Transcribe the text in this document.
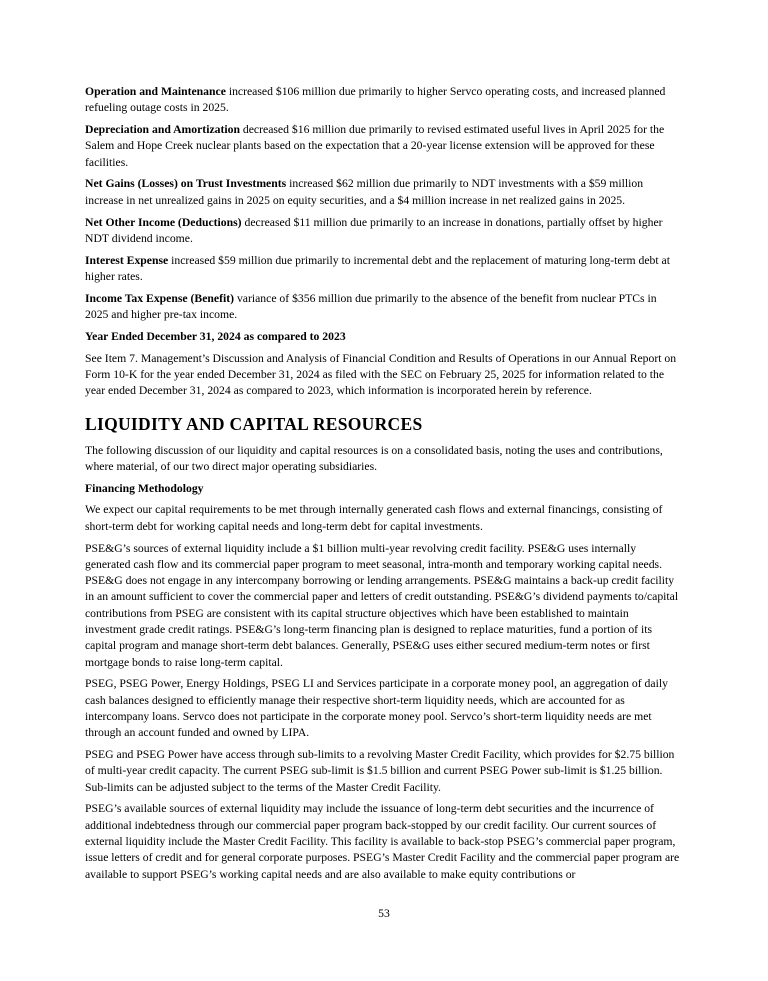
Operation and Maintenance increased $106 million due primarily to higher Servco operating costs, and increased planned refueling outage costs in 2025.

Depreciation and Amortization decreased $16 million due primarily to revised estimated useful lives in April 2025 for the Salem and Hope Creek nuclear plants based on the expectation that a 20-year license extension will be approved for these facilities.

Net Gains (Losses) on Trust Investments increased $62 million due primarily to NDT investments with a $59 million increase in net unrealized gains in 2025 on equity securities, and a $4 million increase in net realized gains in 2025.

Net Other Income (Deductions) decreased $11 million due primarily to an increase in donations, partially offset by higher NDT dividend income.

Interest Expense increased $59 million due primarily to incremental debt and the replacement of maturing long-term debt at higher rates.

Income Tax Expense (Benefit) variance of $356 million due primarily to the absence of the benefit from nuclear PTCs in 2025 and higher pre-tax income.

Year Ended December 31, 2024 as compared to 2023

See Item 7. Management’s Discussion and Analysis of Financial Condition and Results of Operations in our Annual Report on Form 10-K for the year ended December 31, 2024 as filed with the SEC on February 25, 2025 for information related to the year ended December 31, 2024 as compared to 2023, which information is incorporated herein by reference.

LIQUIDITY AND CAPITAL RESOURCES

The following discussion of our liquidity and capital resources is on a consolidated basis, noting the uses and contributions, where material, of our two direct major operating subsidiaries.

Financing Methodology

We expect our capital requirements to be met through internally generated cash flows and external financings, consisting of short-term debt for working capital needs and long-term debt for capital investments.

PSE&G’s sources of external liquidity include a $1 billion multi-year revolving credit facility. PSE&G uses internally generated cash flow and its commercial paper program to meet seasonal, intra-month and temporary working capital needs. PSE&G does not engage in any intercompany borrowing or lending arrangements. PSE&G maintains a back-up credit facility in an amount sufficient to cover the commercial paper and letters of credit outstanding. PSE&G’s dividend payments to/capital contributions from PSEG are consistent with its capital structure objectives which have been established to maintain investment grade credit ratings. PSE&G’s long-term financing plan is designed to replace maturities, fund a portion of its capital program and manage short-term debt balances. Generally, PSE&G uses either secured medium-term notes or first mortgage bonds to raise long-term capital.

PSEG, PSEG Power, Energy Holdings, PSEG LI and Services participate in a corporate money pool, an aggregation of daily cash balances designed to efficiently manage their respective short-term liquidity needs, which are accounted for as intercompany loans. Servco does not participate in the corporate money pool. Servco’s short-term liquidity needs are met through an account funded and owned by LIPA.

PSEG and PSEG Power have access through sub-limits to a revolving Master Credit Facility, which provides for $2.75 billion of multi-year credit capacity. The current PSEG sub-limit is $1.5 billion and current PSEG Power sub-limit is $1.25 billion. Sub-limits can be adjusted subject to the terms of the Master Credit Facility.

PSEG’s available sources of external liquidity may include the issuance of long-term debt securities and the incurrence of additional indebtedness through our commercial paper program back-stopped by our credit facility. Our current sources of external liquidity include the Master Credit Facility. This facility is available to back-stop PSEG’s commercial paper program, issue letters of credit and for general corporate purposes. PSEG’s Master Credit Facility and the commercial paper program are available to support PSEG’s working capital needs and are also available to make equity contributions or

53
